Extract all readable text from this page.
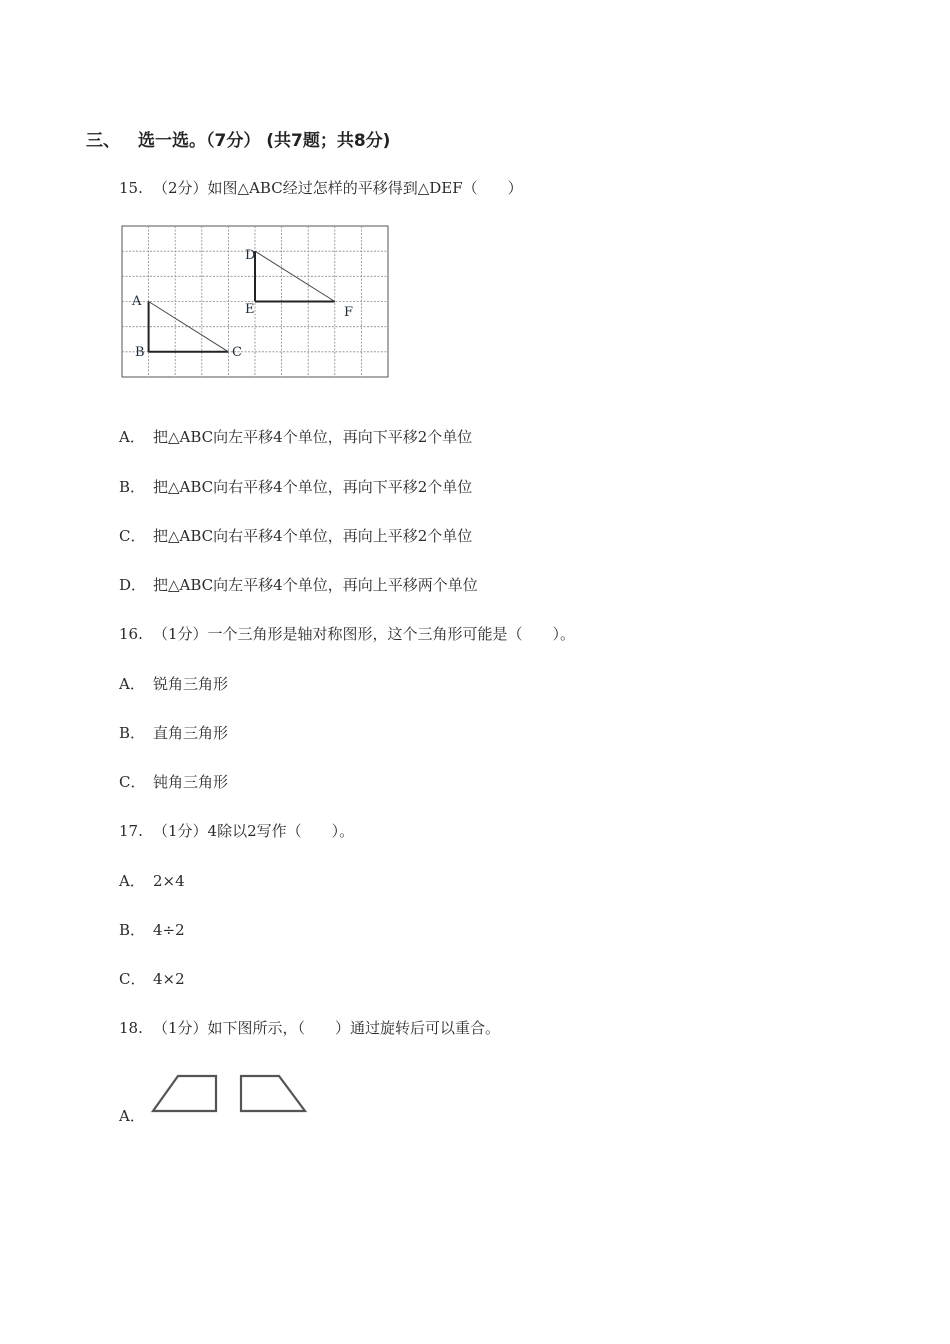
三、 选一选。（7分） (共7题；共8分)
15. （2分）如图△ABC经过怎样的平移得到△DEF（　　）
A
B	C
D
E	F
A． 把△ABC向左平移4个单位，再向下平移2个单位
B． 把△ABC向右平移4个单位，再向下平移2个单位
C． 把△ABC向右平移4个单位，再向上平移2个单位
D． 把△ABC向左平移4个单位，再向上平移两个单位
16. （1分）一个三角形是轴对称图形，这个三角形可能是（　　）。
A． 锐角三角形
B． 直角三角形
C． 钝角三角形
17. （1分）4除以2写作（　　）。
A． 2×4
B． 4÷2
C． 4×2
18. （1分）如下图所示，（　　）通过旋转后可以重合。
A．
